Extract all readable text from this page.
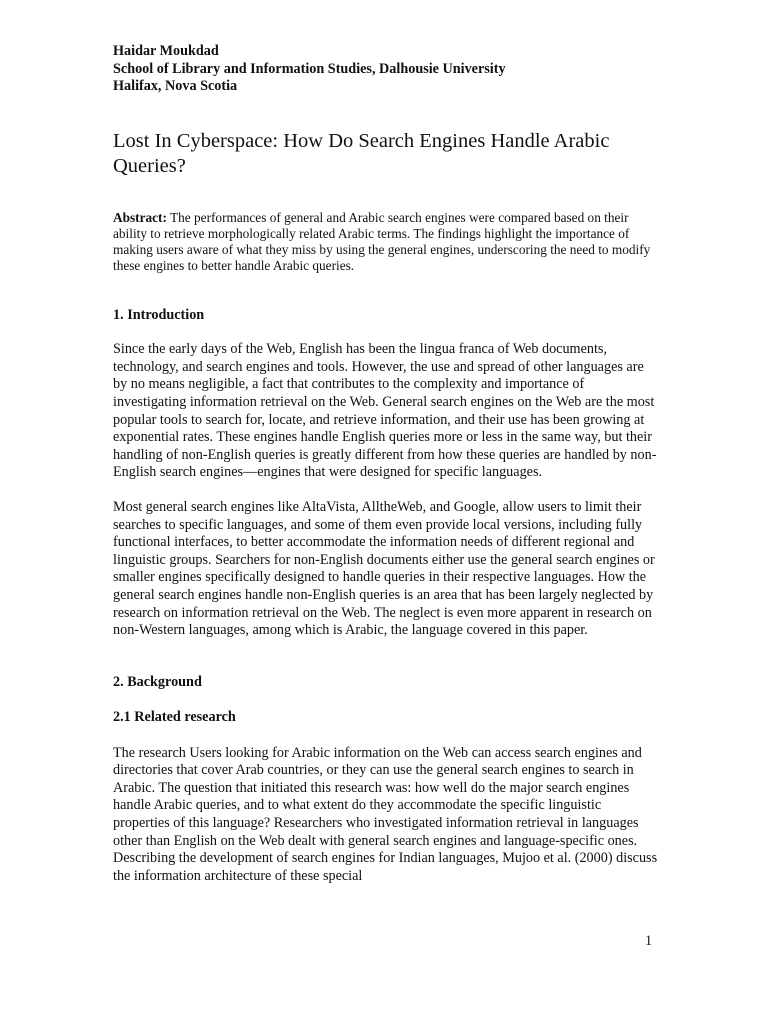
Haidar Moukdad

School of Library and Information Studies, Dalhousie University

Halifax, Nova Scotia

Lost In Cyberspace: How Do Search Engines Handle Arabic Queries?

Abstract: The performances of general and Arabic search engines were compared based on their ability to retrieve morphologically related Arabic terms. The findings highlight the importance of making users aware of what they miss by using the general engines, underscoring the need to modify these engines to better handle Arabic queries.

1. Introduction

Since the early days of the Web, English has been the lingua franca of Web documents, technology, and search engines and tools. However, the use and spread of other languages are by no means negligible, a fact that contributes to the complexity and importance of investigating information retrieval on the Web. General search engines on the Web are the most popular tools to search for, locate, and retrieve information, and their use has been growing at exponential rates. These engines handle English queries more or less in the same way, but their handling of non-English queries is greatly different from how these queries are handled by non-English search engines—engines that were designed for specific languages.

Most general search engines like AltaVista, AlltheWeb, and Google, allow users to limit their searches to specific languages, and some of them even provide local versions, including fully functional interfaces, to better accommodate the information needs of different regional and linguistic groups. Searchers for non-English documents either use the general search engines or smaller engines specifically designed to handle queries in their respective languages. How the general search engines handle non-English queries is an area that has been largely neglected by research on information retrieval on the Web. The neglect is even more apparent in research on non-Western languages, among which is Arabic, the language covered in this paper.

2. Background
2.1 Related research

The research Users looking for Arabic information on the Web can access search engines and directories that cover Arab countries, or they can use the general search engines to search in Arabic. The question that initiated this research was: how well do the major search engines handle Arabic queries, and to what extent do they accommodate the specific linguistic properties of this language? Researchers who investigated information retrieval in languages other than English on the Web dealt with general search engines and language-specific ones. Describing the development of search engines for Indian languages, Mujoo et al. (2000) discuss the information architecture of these special

1
